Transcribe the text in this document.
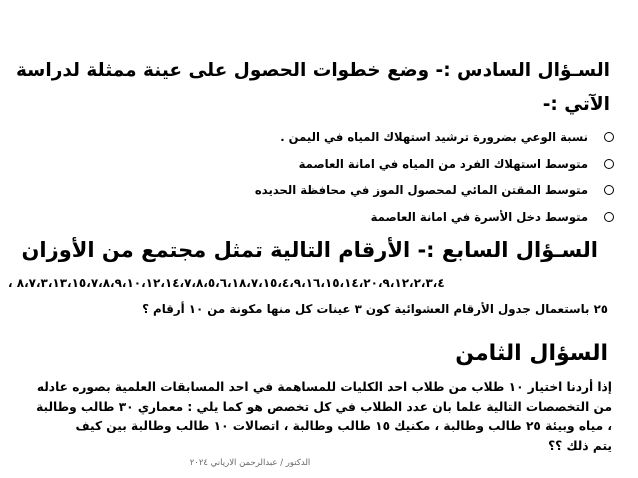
السـؤال السادس :- وضع خطوات الحصول على عينة ممثلة لدراسة
الآتي :-
نسبة الوعي بضرورة ترشيد استهلاك المياه في اليمن .
متوسط استهلاك الفرد من المياه في امانة العاصمة
متوسط المقتن المائي لمحصول الموز في محافظة الحديده
متوسط دخل الأسرة في امانة العاصمة
السـؤال السابع :- الأرقام التالية تمثل مجتمع من الأوزان
٨،٧،٣،١٣،١٥،٧،٨،٩،١٠،١٢،١٤،٧،٨،٥،٦،١٨،٧،١٥،٤،٩،١٦،١٥،١٤،٢٠،٩،١٢،٢،٣،٤ ،
٢٥ باستعمال جدول الأرقام العشوائية كون ٣ عينات كل منها مكونة من ١٠ أرقام ؟
السؤال الثامن
إذا أردنا اختيار ١٠ طلاب من طلاب احد الكليات للمساهمة في احد المسابقات العلمية بصوره عادله
من التخصصات التالية علما بان عدد الطلاب في كل تخصص هو كما يلي : معماري ٣٠ طالب وطالبة
، مياه وبيئة ٢٥ طالب وطالبة ، مكنيك ١٥ طالب وطالبة ، اتصالات ١٠ طالب وطالبة بين كيف
يتم ذلك ؟؟
الدكتور / عبدالرحمن الارياني ٢٠٢٤
